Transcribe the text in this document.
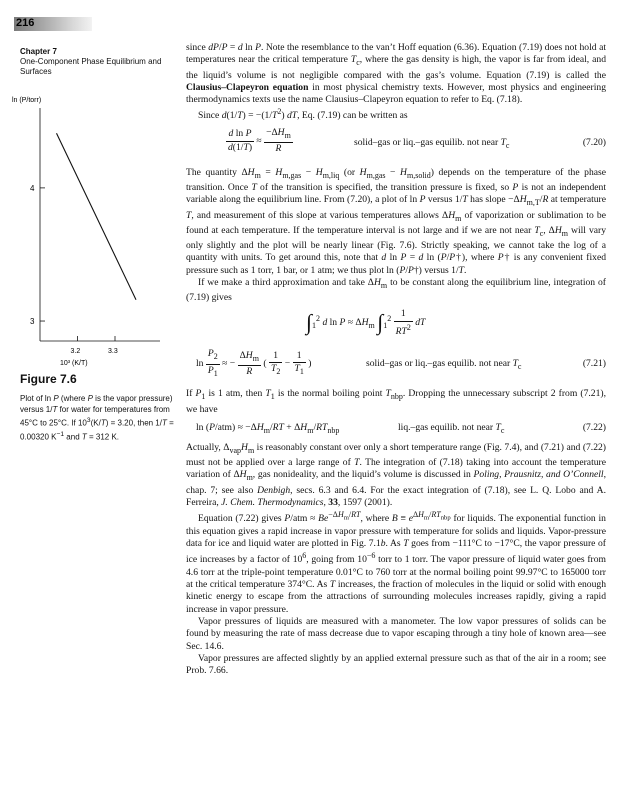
216
Chapter 7
One-Component Phase Equilibrium and Surfaces
ln (P/torr)
4
3
3.2	3.3
10³ (K/T)
Figure 7.6
Plot of ln P (where P is the vapor pressure) versus 1/T for water for temperatures from 45°C to 25°C. If $10^3(K/T) = 3.20$, then 1/T = 0.00320 $K^{-1}$ and T = 312 K.

since dP/P = d ln P. Note the resemblance to the van’t Hoff equation (6.36). Equation (7.19) does not hold at temperatures near the critical temperature $T_c$, where the gas density is high, the vapor is far from ideal, and the liquid’s volume is not negligible compared with the gas’s volume. Equation (7.19) is called the Clausius–Clapeyron equation in most physical chemistry texts. However, most physics and engineering thermodynamics texts use the name Clausius–Clapeyron equation to refer to Eq. (7.18).

Since $d(1/T) = -(1/T^2)$ dT, Eq. (7.19) can be written as

$\frac{\text{d ln P}}{d(1/T)} \approx \frac{-\Delta H_m}{R}$	solid–gas or liq.–gas equilib. not near $T_c$	(7.20)

The quantity $\Delta H_m = H_{m,gas} - H_{m,liq}$ (or $H_{m,gas} - H_{m,solid}$) depends on the temperature of the phase transition. Once T of the transition is specified, the transition pressure is fixed, so P is not an independent variable along the equilibrium line. From (7.20), a plot of ln P versus 1/T has slope $-\Delta H_{m,T}/R$ at temperature T, and measurement of this slope at various temperatures allows $\Delta H_m$ of vaporization or sublimation to be found at each temperature. If the temperature interval is not large and if we are not near $T_c$, $\Delta H_m$ will vary only slightly and the plot will be nearly linear (Fig. 7.6). Strictly speaking, we cannot take the log of a quantity with units. To get around this, note that d ln P = d ln (P/P†), where P† is any convenient fixed pressure such as 1 torr, 1 bar, or 1 atm; we thus plot ln (P/P†) versus 1/T.

If we make a third approximation and take $\Delta H_m$ to be constant along the equilibrium line, integration of (7.19) gives

$\int_1^2$ d $\ln P \approx \Delta H_m$ $\int_1^2 \frac{1}{RT^2}$ dT
$\ln \frac{P_2}{P_1}$ ≈ − $\frac{\Delta H_m}{R}$ ( $\frac{1}{T_2} - \frac{1}{T_1}$ )	solid–gas or liq.–gas equilib. not near $T_c$	(7.21)

If $P_1$ is 1 atm, then $T_1$ is the normal boiling point $T_{nbp}$. Dropping the unnecessary subscript 2 from (7.21), we have

$\ln (P/atm) \approx -\Delta H_m/RT + \Delta H_m/RT_{nbp}$	liq.–gas equilib. not near $T_c$	(7.22)

Actually, $\Delta_{vap}H_m$ is reasonably constant over only a short temperature range (Fig. 7.4), and (7.21) and (7.22) must not be applied over a large range of T. The integration of (7.18) taking into account the temperature variation of $\Delta H_m$, gas nonideality, and the liquid’s volume is discussed in Poling, Prausnitz, and O’Connell, chap. 7; see also Denbigh, secs. 6.3 and 6.4. For the exact integration of (7.18), see L. Q. Lobo and A. Ferreira, J. Chem. Thermodynamics, 33, 1597 (2001).

Equation (7.22) gives $P/atm \approx Be^{-\Delta H_m/RT}$, where $B \equiv e^{\Delta H_m/RT_{nbp}}$ for liquids. The exponential function in this equation gives a rapid increase in vapor pressure with temperature for solids and liquids. Vapor-pressure data for ice and liquid water are plotted in Fig. 7.1b. As T goes from −111°C to −17°C, the vapor pressure of ice increases by a factor of $10^6$, going from $10^{-6}$ torr to 1 torr. The vapor pressure of liquid water goes from 4.6 torr at the triple-point temperature 0.01°C to 760 torr at the normal boiling point 99.97°C to 165000 torr at the critical temperature 374°C. As T increases, the fraction of molecules in the liquid or solid with enough kinetic energy to escape from the attractions of surrounding molecules increases rapidly, giving a rapid increase in vapor pressure.

Vapor pressures of liquids are measured with a manometer. The low vapor pressures of solids can be found by measuring the rate of mass decrease due to vapor escaping through a tiny hole of known area—see Sec. 14.6.

Vapor pressures are affected slightly by an applied external pressure such as that of the air in a room; see Prob. 7.66.
